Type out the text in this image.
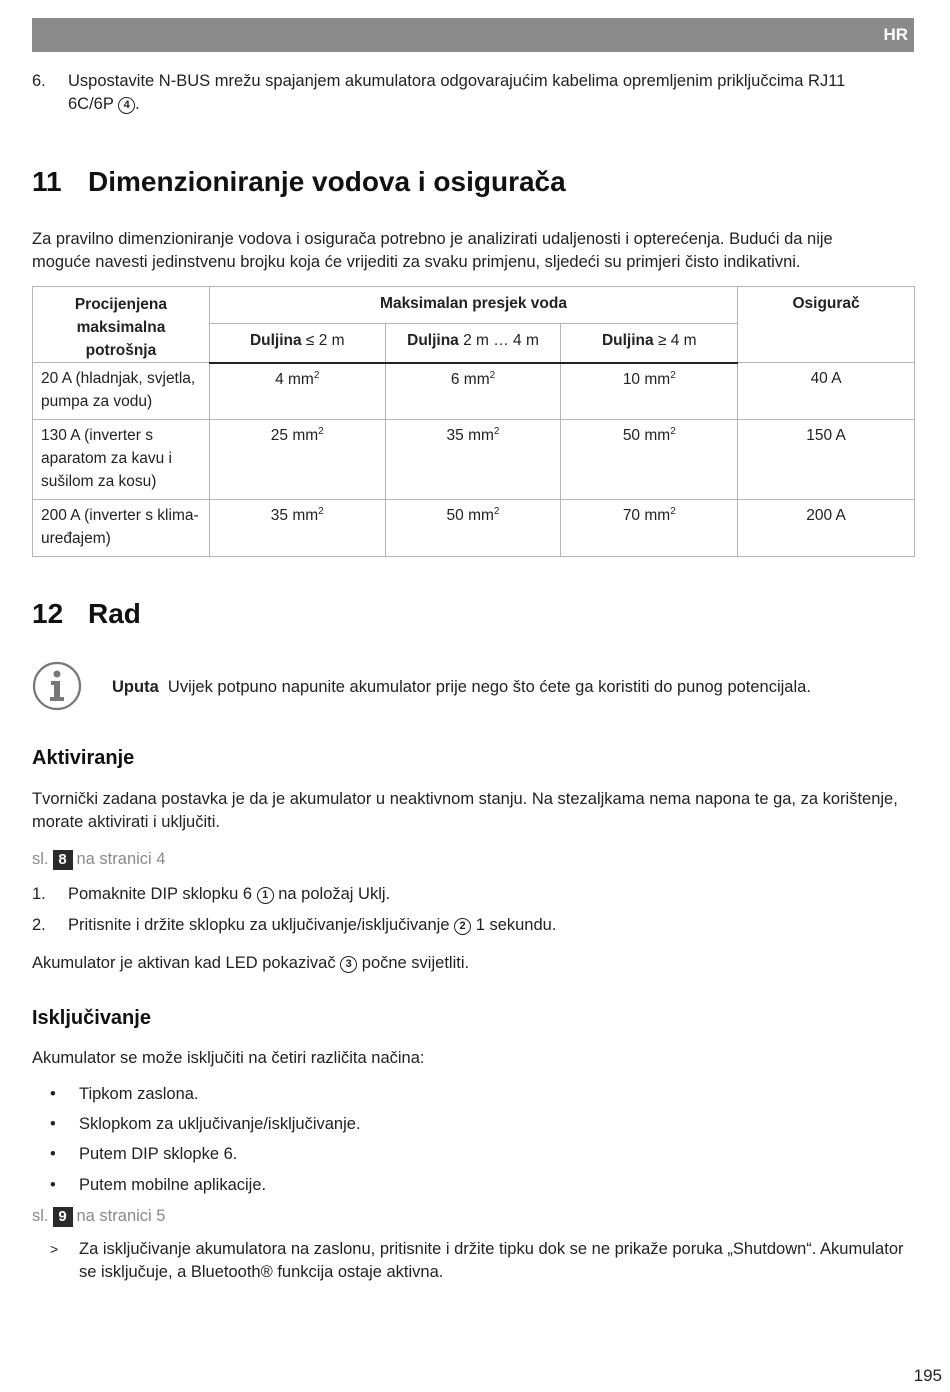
HR
6. Uspostavite N-BUS mrežu spajanjem akumulatora odgovarajućim kabelima opremljenim priključcima RJ11 6C/6P 4 .
11 Dimenzioniranje vodova i osigurača
Za pravilno dimenzioniranje vodova i osigurača potrebno je analizirati udaljenosti i opterećenja. Budući da nije moguće navesti jedinstvenu brojku koja će vrijediti za svaku primjenu, sljedeći su primjeri čisto indikativni.
Procijenjena maksimalna potrošnja	Maksimalan presjek voda			Osigurač
	Duljina ≤ 2 m	Duljina 2 m … 4 m	Duljina ≥ 4 m	
20 A (hladnjak, svjetla, pumpa za vodu)	4 $mm^2$	6 $mm^2$	10 $mm^2$	40 A
130 A (inverter s aparatom za kavu i sušilom za kosu)	25 $mm^2$	35 $mm^2$	50 $mm^2$	150 A
200 A (inverter s klima-uređajem)	35 $mm^2$	50 $mm^2$	70 $mm^2$	200 A
12 Rad
Uputa Uvijek potpuno napunite akumulator prije nego što ćete ga koristiti do punog potencijala.
Aktiviranje
Tvornički zadana postavka je da je akumulator u neaktivnom stanju. Na stezaljkama nema napona te ga, za korištenje, morate aktivirati i uključiti.
sl. 8 na stranici 4
1. Pomaknite DIP sklopku 6 1 na položaj Uklj.
2. Pritisnite i držite sklopku za uključivanje/isključivanje 2 1 sekundu.
Akumulator je aktivan kad LED pokazivač 3 počne svijetliti.
Isključivanje
Akumulator se može isključiti na četiri različita načina:
• Tipkom zaslona.
• Sklopkom za uključivanje/isključivanje.
• Putem DIP sklopke 6.
• Putem mobilne aplikacije.
sl. 9 na stranici 5
> Za isključivanje akumulatora na zaslonu, pritisnite i držite tipku dok se ne prikaže poruka „Shutdown“. Akumulator se isključuje, a Bluetooth® funkcija ostaje aktivna.
195
